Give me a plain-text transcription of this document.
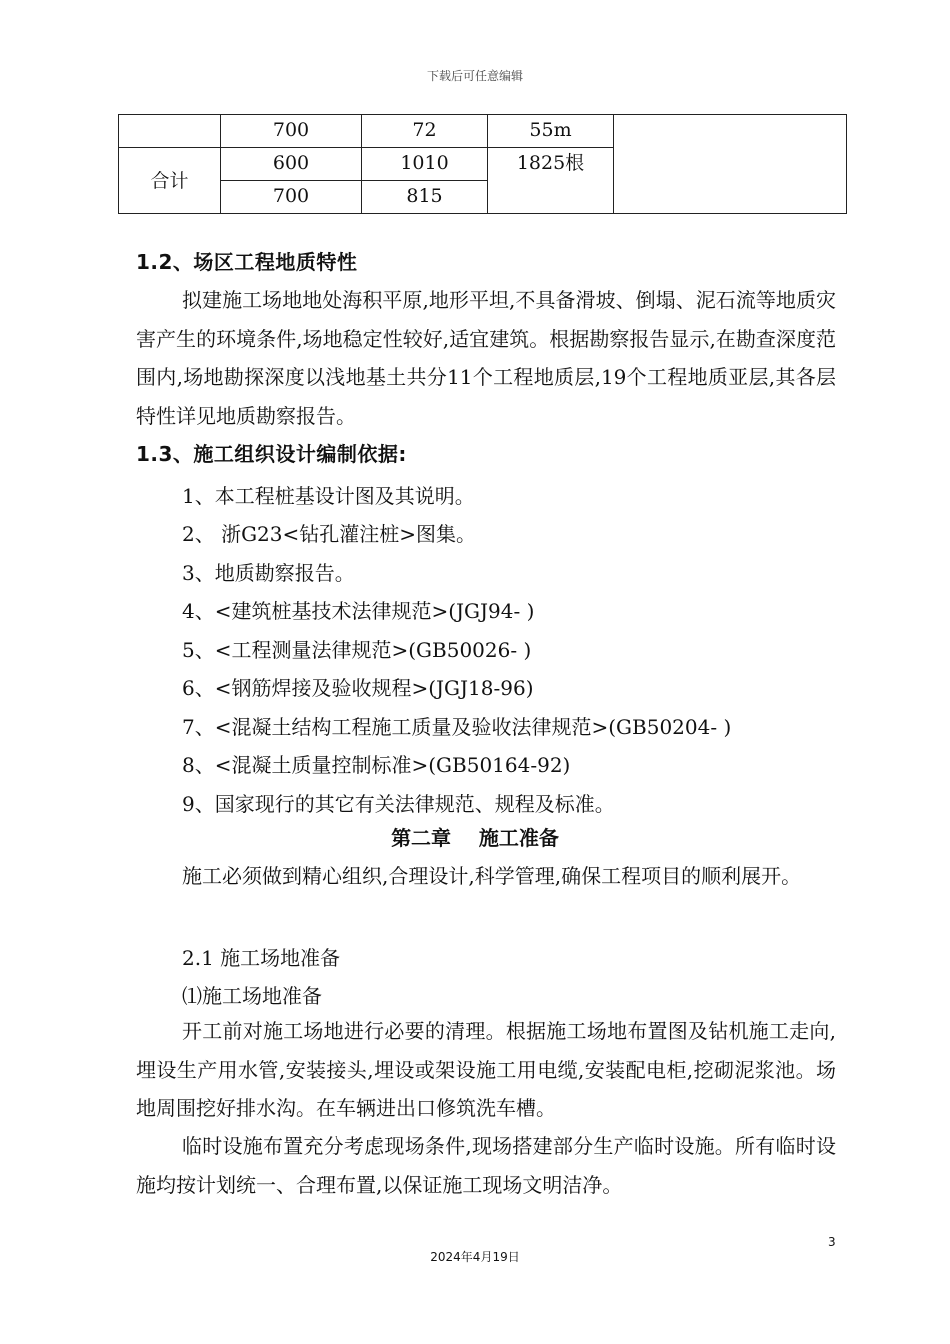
下载后可任意编辑
	700	72	55m	
合计	600	1010	1825根	
	700	815		
1.2、场区工程地质特性
拟建施工场地地处海积平原,地形平坦,不具备滑坡、倒塌、泥石流等地质灾害产生的环境条件,场地稳定性较好,适宜建筑。根据勘察报告显示,在勘查深度范围内,场地勘探深度以浅地基土共分11个工程地质层,19个工程地质亚层,其各层特性详见地质勘察报告。
1.3、施工组织设计编制依据:
1、本工程桩基设计图及其说明。
2、 浙G23<钻孔灌注桩>图集。
3、地质勘察报告。
4、<建筑桩基技术法律规范>(JGJ94- )
5、<工程测量法律规范>(GB50026- )
6、<钢筋焊接及验收规程>(JGJ18-96)
7、<混凝土结构工程施工质量及验收法律规范>(GB50204- )
8、<混凝土质量控制标准>(GB50164-92)
9、国家现行的其它有关法律规范、规程及标准。
第二章    施工准备
施工必须做到精心组织,合理设计,科学管理,确保工程项目的顺利展开。
2.1 施工场地准备
⑴施工场地准备
开工前对施工场地进行必要的清理。根据施工场地布置图及钻机施工走向,埋设生产用水管,安装接头,埋设或架设施工用电缆,安装配电柜,挖砌泥浆池。场地周围挖好排水沟。在车辆进出口修筑洗车槽。
临时设施布置充分考虑现场条件,现场搭建部分生产临时设施。所有临时设施均按计划统一、合理布置,以保证施工现场文明洁净。
3
2024年4月19日
